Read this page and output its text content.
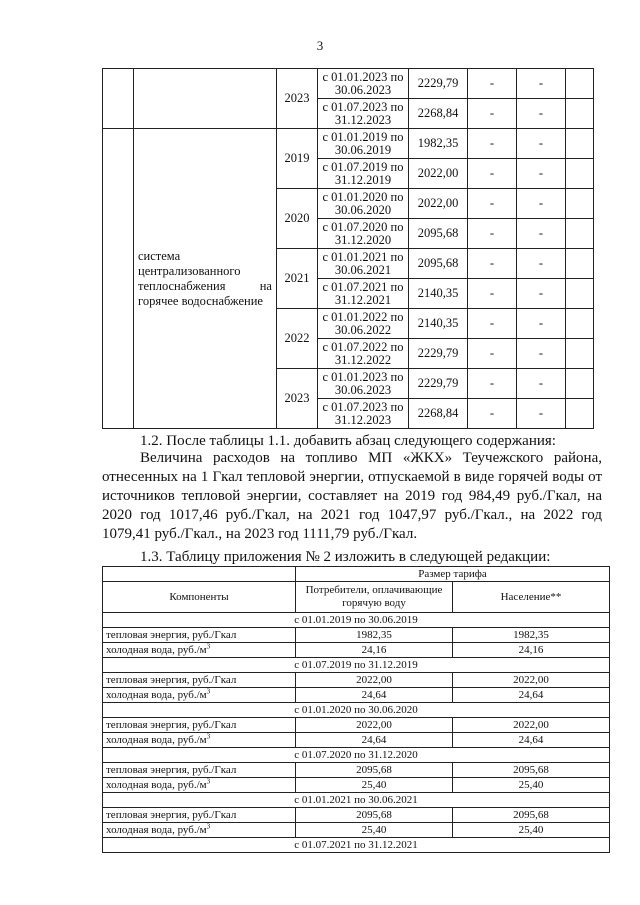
3
		2023	с 01.01.2023 по 30.06.2023	2229,79	-	-	
			с 01.07.2023 по 31.12.2023	2268,84	-	-	

	система централизованного теплоснабжения на горячее водоснабжение	2019	с 01.01.2019 по 30.06.2019	1982,35	-	-	
			с 01.07.2019 по 31.12.2019	2022,00	-	-	
		2020	с 01.01.2020 по 30.06.2020	2022,00	-	-	
			с 01.07.2020 по 31.12.2020	2095,68	-	-	
		2021	с 01.01.2021 по 30.06.2021	2095,68	-	-	
			с 01.07.2021 по 31.12.2021	2140,35	-	-	
		2022	с 01.01.2022 по 30.06.2022	2140,35	-	-	
			с 01.07.2022 по 31.12.2022	2229,79	-	-	
		2023	с 01.01.2023 по 30.06.2023	2229,79	-	-	
			с 01.07.2023 по 31.12.2023	2268,84	-	-	
1.2. После таблицы 1.1. добавить абзац следующего содержания:
Величина расходов на топливо МП «ЖКХ» Теучежского района, отнесенных на 1 Гкал тепловой энергии, отпускаемой в виде горячей воды от источников тепловой энергии, составляет на 2019 год 984,49 руб./Гкал, на 2020 год 1017,46 руб./Гкал, на 2021 год 1047,97 руб./Гкал., на 2022 год 1079,41 руб./Гкал., на 2023 год 1111,79 руб./Гкал.
1.3. Таблицу приложения № 2 изложить в следующей редакции:
	Размер тарифа	
Компоненты	Потребители, оплачивающие горячую воду	Население**
с 01.01.2019 по 30.06.2019		
тепловая энергия, руб./Гкал	1982,35	1982,35
холодная вода, $руб./м^3$	24,16	24,16
с 01.07.2019 по 31.12.2019		
тепловая энергия, руб./Гкал	2022,00	2022,00
холодная вода, $руб./м^3$	24,64	24,64
с 01.01.2020 по 30.06.2020		
тепловая энергия, руб./Гкал	2022,00	2022,00
холодная вода, $руб./м^3$	24,64	24,64
с 01.07.2020 по 31.12.2020		
тепловая энергия, руб./Гкал	2095,68	2095,68
холодная вода, $руб./м^3$	25,40	25,40
с 01.01.2021 по 30.06.2021		
тепловая энергия, руб./Гкал	2095,68	2095,68
холодная вода, $руб./м^3$	25,40	25,40
с 01.07.2021 по 31.12.2021		
